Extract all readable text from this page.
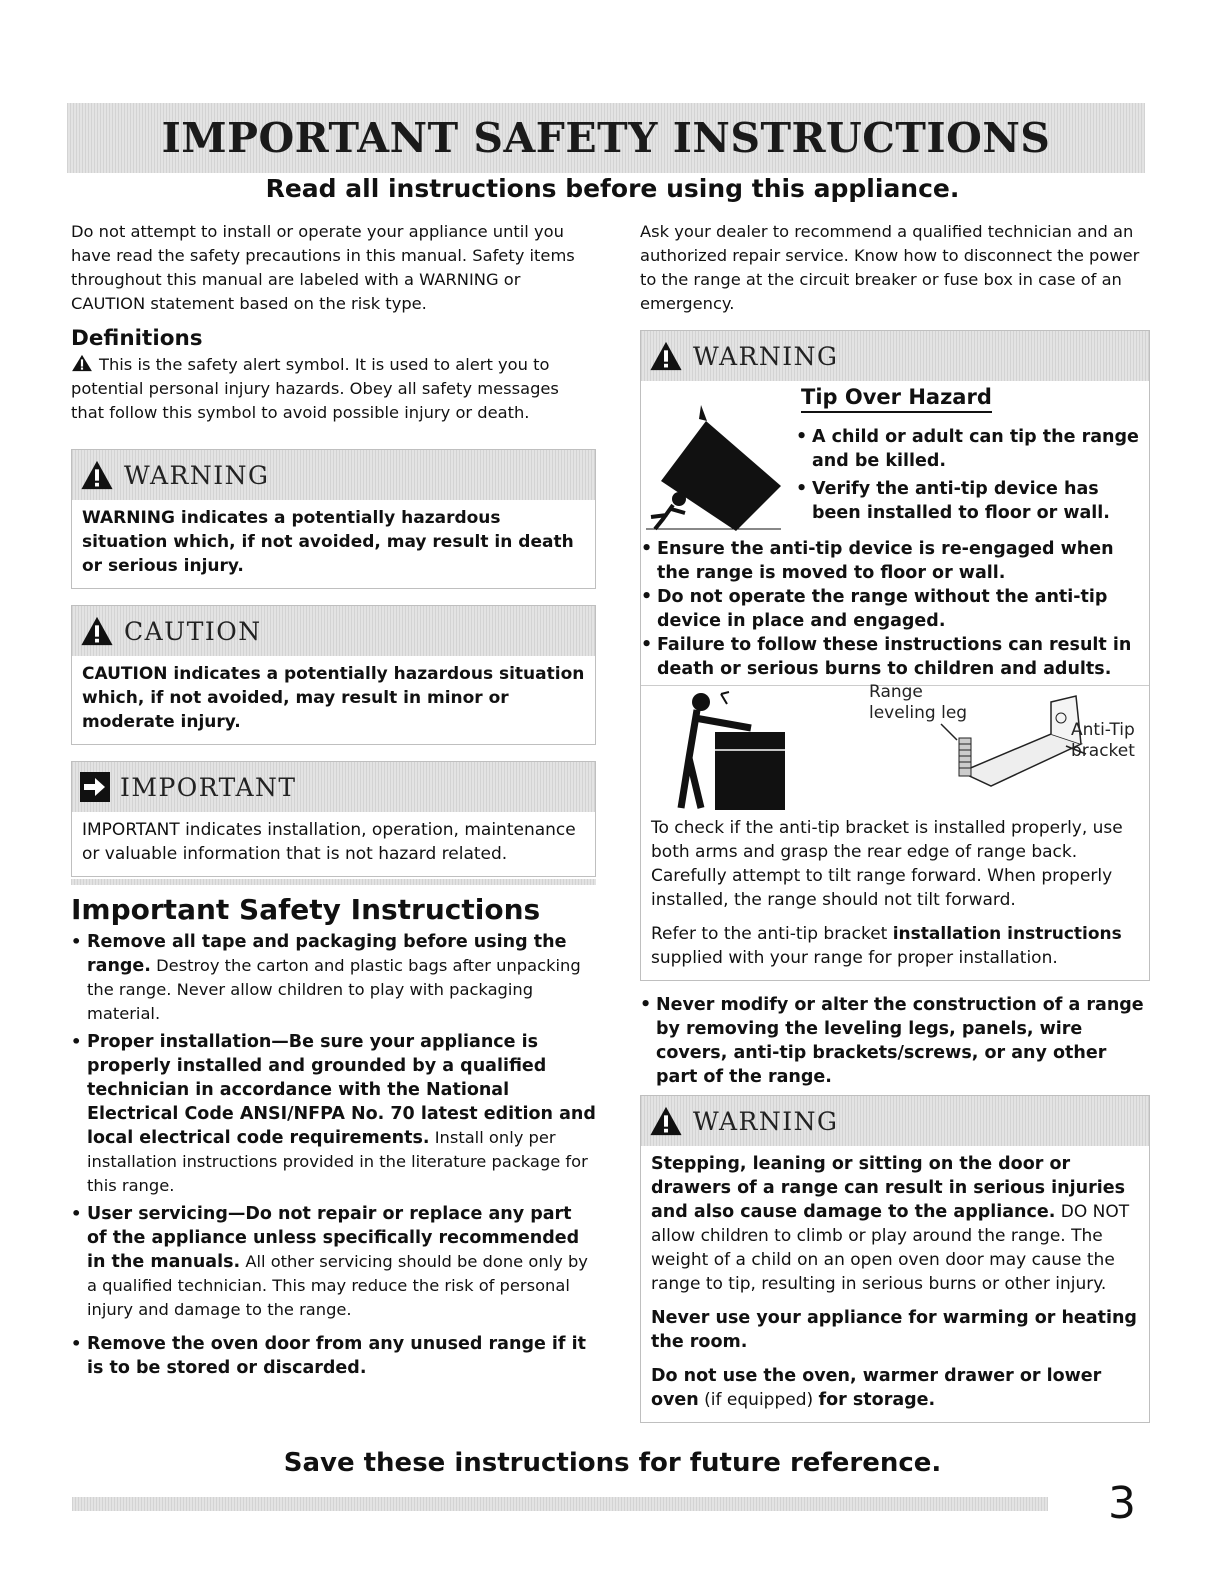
IMPORTANT SAFETY INSTRUCTIONS
Read all instructions before using this appliance.

Do not attempt to install or operate your appliance until you have read the safety precautions in this manual. Safety items throughout this manual are labeled with a WARNING or CAUTION statement based on the risk type.

Definitions

This is the safety alert symbol. It is used to alert you to potential personal injury hazards. Obey all safety messages that follow this symbol to avoid possible injury or death.

WARNING

WARNING indicates a potentially hazardous situation which, if not avoided, may result in death or serious injury.

CAUTION

CAUTION indicates a potentially hazardous situation which, if not avoided, may result in minor or moderate injury.

IMPORTANT

IMPORTANT indicates installation, operation, maintenance or valuable information that is not hazard related.

Important Safety Instructions
• Remove all tape and packaging before using the range. Destroy the carton and plastic bags after unpacking the range. Never allow children to play with packaging material.
• Proper installation—Be sure your appliance is properly installed and grounded by a qualified technician in accordance with the National Electrical Code ANSI/NFPA No. 70 latest edition and local electrical code requirements. Install only per installation instructions provided in the literature package for this range.
• User servicing—Do not repair or replace any part of the appliance unless specifically recommended in the manuals. All other servicing should be done only by a qualified technician. This may reduce the risk of personal injury and damage to the range.
• Remove the oven door from any unused range if it is to be stored or discarded.

Ask your dealer to recommend a qualified technician and an authorized repair service. Know how to disconnect the power to the range at the circuit breaker or fuse box in case of an emergency.

WARNING
Tip Over Hazard
• A child or adult can tip the range and be killed.
• Verify the anti-tip device has been installed to floor or wall.
• Ensure the anti-tip device is re-engaged when the range is moved to floor or wall.
• Do not operate the range without the anti-tip device in place and engaged.
• Failure to follow these instructions can result in death or serious burns to children and adults.
Range
leveling leg
Anti-Tip
bracket

To check if the anti-tip bracket is installed properly, use both arms and grasp the rear edge of range back. Carefully attempt to tilt range forward. When properly installed, the range should not tilt forward.

Refer to the anti-tip bracket installation instructions supplied with your range for proper installation.

• Never modify or alter the construction of a range by removing the leveling legs, panels, wire covers, anti-tip brackets/screws, or any other part of the range.
WARNING

Stepping, leaning or sitting on the door or drawers of a range can result in serious injuries and also cause damage to the appliance. DO NOT allow children to climb or play around the range. The weight of a child on an open oven door may cause the range to tip, resulting in serious burns or other injury.

Never use your appliance for warming or heating the room.

Do not use the oven, warmer drawer or lower oven (if equipped) for storage.

Save these instructions for future reference.
3
